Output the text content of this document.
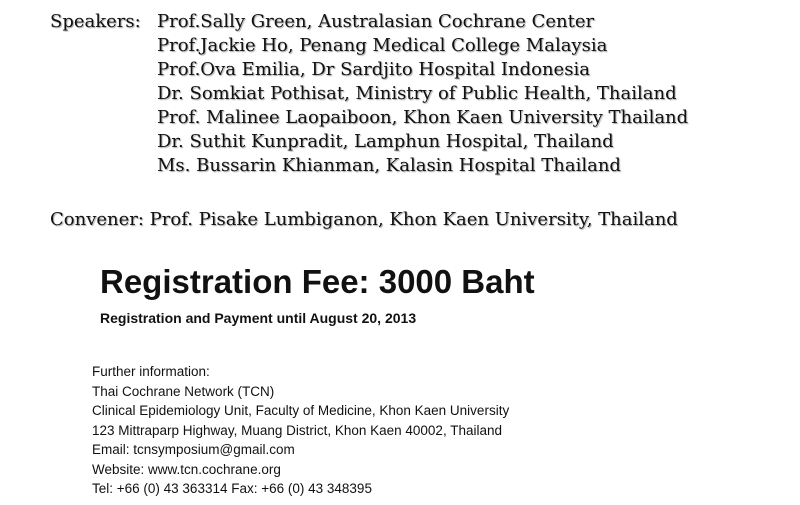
Speakers: Prof.Sally Green, Australasian Cochrane Center
Prof.Jackie Ho, Penang Medical College Malaysia
Prof.Ova Emilia, Dr Sardjito Hospital Indonesia
Dr. Somkiat Pothisat, Ministry of Public Health, Thailand
Prof. Malinee Laopaiboon, Khon Kaen University Thailand
Dr. Suthit Kunpradit, Lamphun Hospital, Thailand
Ms. Bussarin Khianman, Kalasin Hospital Thailand
Convener: Prof. Pisake Lumbiganon, Khon Kaen University, Thailand
Registration Fee: 3000 Baht
Registration and Payment until August 20, 2013
Further information:
Thai Cochrane Network (TCN)
Clinical Epidemiology Unit, Faculty of Medicine, Khon Kaen University
123 Mittraparp Highway, Muang District, Khon Kaen 40002, Thailand
Email: tcnsymposium@gmail.com
Website: www.tcn.cochrane.org
Tel: +66 (0) 43 363314 Fax: +66 (0) 43 348395
